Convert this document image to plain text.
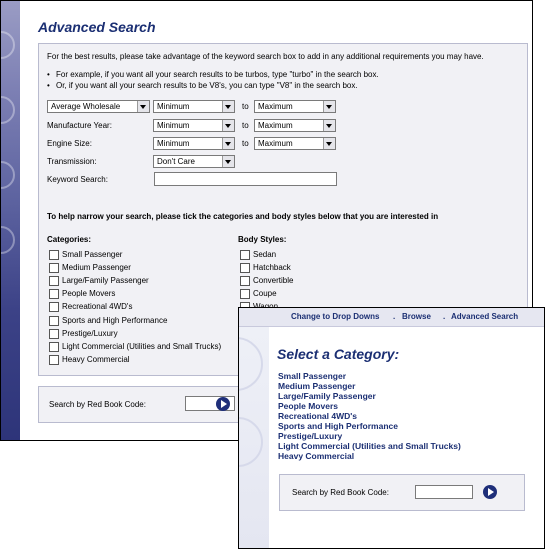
Advanced Search
For the best results, please take advantage of the keyword search box to add in any additional requirements you may have.
• For example, if you want all your search results to be turbos, type "turbo" in the search box.
• Or, if you want all your search results to be V8's, you can type "V8" in the search box.
Average Wholesale	Minimum	to	Maximum
Manufacture Year:	Minimum	to	Maximum
Engine Size:	Minimum	to	Maximum
Transmission:	Don't Care
Keyword Search:
To help narrow your search, please tick the categories and body styles below that you are interested in
Categories:	Body Styles:
Small Passenger
Medium Passenger
Large/Family Passenger
People Movers
Recreational 4WD's
Sports and High Performance
Prestige/Luxury
Light Commercial (Utilities and Small Trucks)
Heavy Commercial
Sedan
Hatchback
Convertible
Coupe
Search by Red Book Code:
Change to Drop Downs . Browse . Advanced Search
Select a Category:
Small Passenger
Medium Passenger
Large/Family Passenger
People Movers
Recreational 4WD's
Sports and High Performance
Prestige/Luxury
Light Commercial (Utilities and Small Trucks)
Heavy Commercial
Search by Red Book Code:
